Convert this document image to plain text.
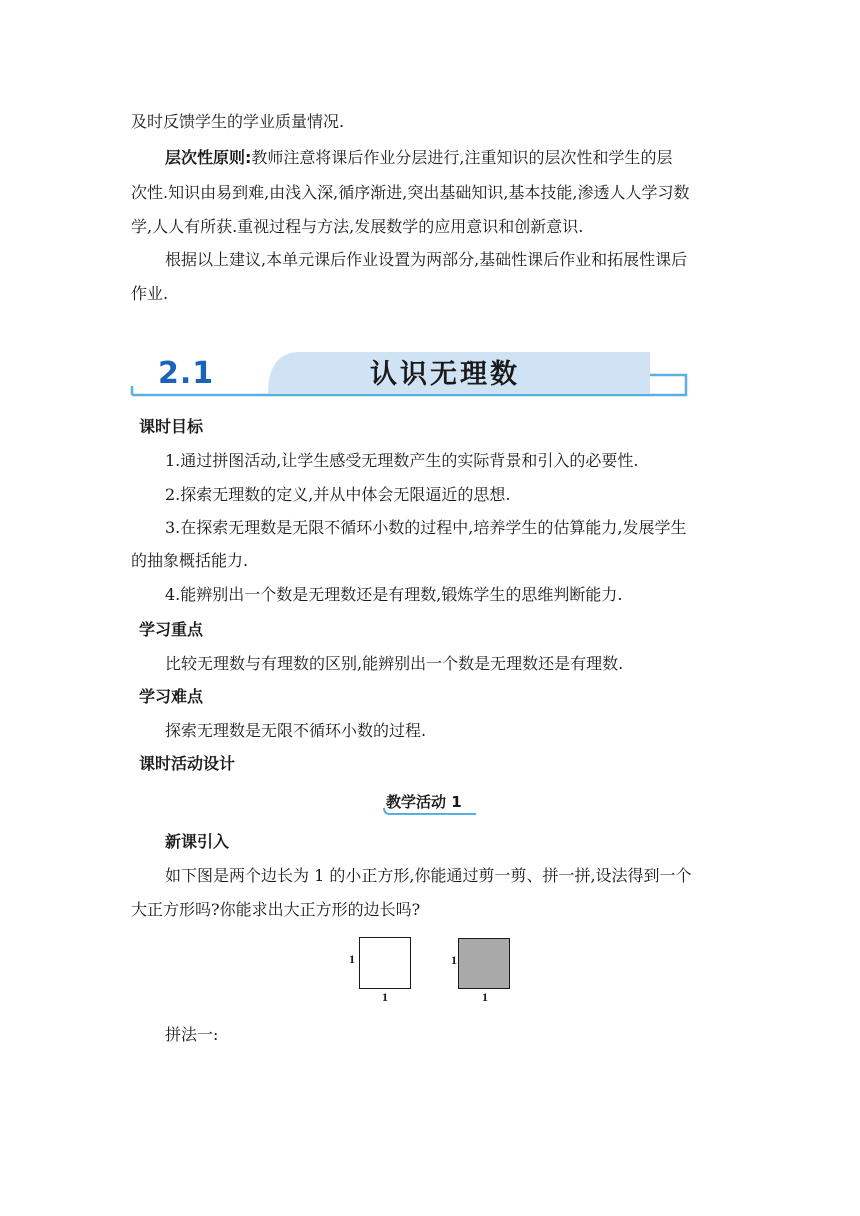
及时反馈学生的学业质量情况.
层次性原则:教师注意将课后作业分层进行,注重知识的层次性和学生的层
次性.知识由易到难,由浅入深,循序渐进,突出基础知识,基本技能,渗透人人学习数
学,人人有所获.重视过程与方法,发展数学的应用意识和创新意识.
根据以上建议,本单元课后作业设置为两部分,基础性课后作业和拓展性课后
作业.
2.1	认识无理数
课时目标
1.通过拼图活动,让学生感受无理数产生的实际背景和引入的必要性.
2.探索无理数的定义,并从中体会无限逼近的思想.
3.在探索无理数是无限不循环小数的过程中,培养学生的估算能力,发展学生
的抽象概括能力.
4.能辨别出一个数是无理数还是有理数,锻炼学生的思维判断能力.
学习重点
比较无理数与有理数的区别,能辨别出一个数是无理数还是有理数.
学习难点
探索无理数是无限不循环小数的过程.
课时活动设计
教学活动 1
新课引入
如下图是两个边长为 1 的小正方形,你能通过剪一剪、拼一拼,设法得到一个
大正方形吗?你能求出大正方形的边长吗?
1
1
1
1
拼法一:
